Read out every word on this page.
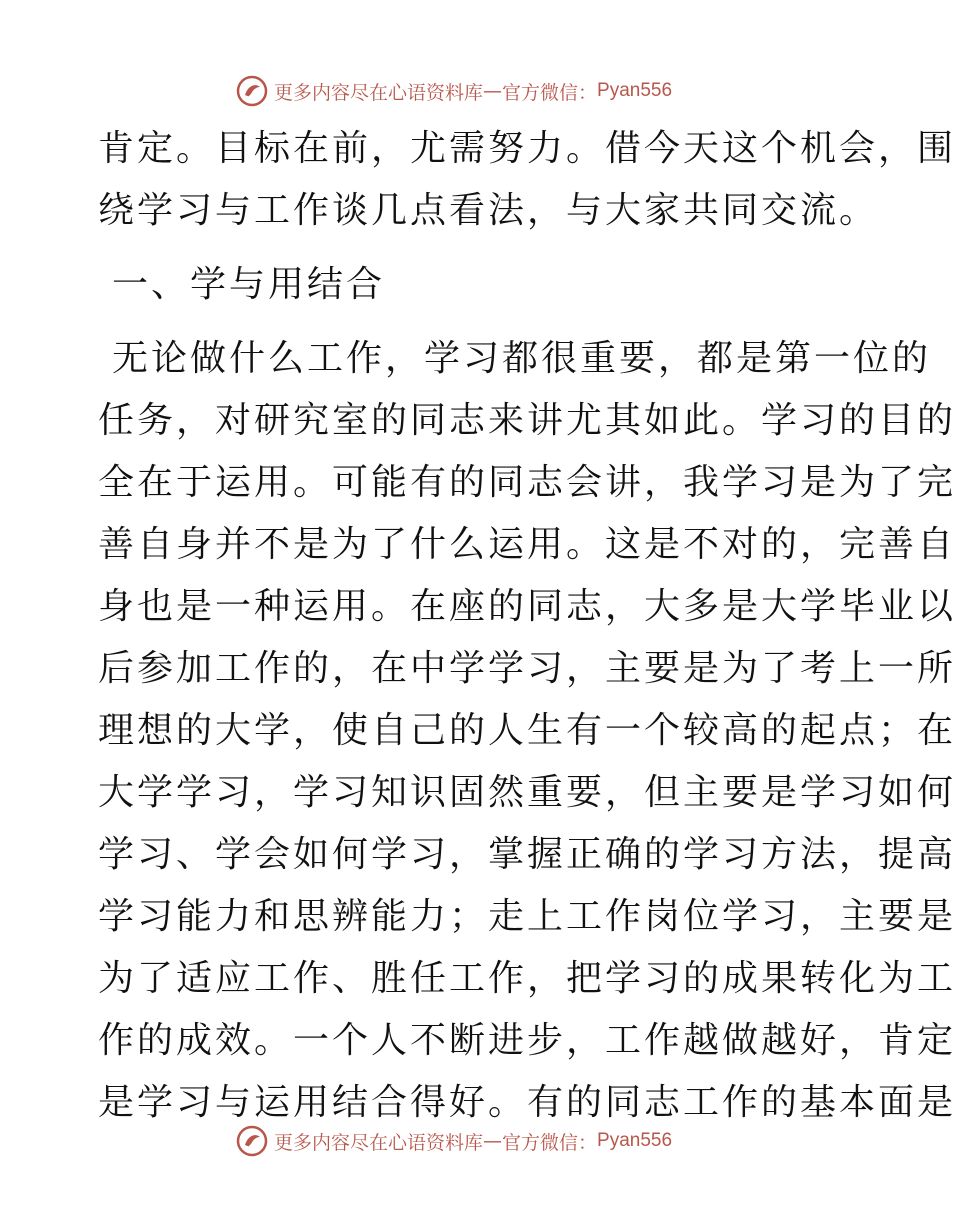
更多内容尽在心语资料库 — 官方微信： Pyan556
肯定。目标在前，尤需努力。借今天这个机会，围
绕学习与工作谈几点看法，与大家共同交流。
一、学与用结合
无论做什么工作，学习都很重要，都是第一位的
任务，对研究室的同志来讲尤其如此。学习的目的
全在于运用。可能有的同志会讲，我学习是为了完
善自身并不是为了什么运用。这是不对的，完善自
身也是一种运用。在座的同志，大多是大学毕业以
后参加工作的，在中学学习，主要是为了考上一所
理想的大学，使自己的人生有一个较高的起点；在
大学学习，学习知识固然重要，但主要是学习如何
学习、学会如何学习，掌握正确的学习方法，提高
学习能力和思辨能力；走上工作岗位学习，主要是
为了适应工作、胜任工作，把学习的成果转化为工
作的成效。一个人不断进步，工作越做越好，肯定
是学习与运用结合得好。有的同志工作的基本面是
更多内容尽在心语资料库 — 官方微信： Pyan556
